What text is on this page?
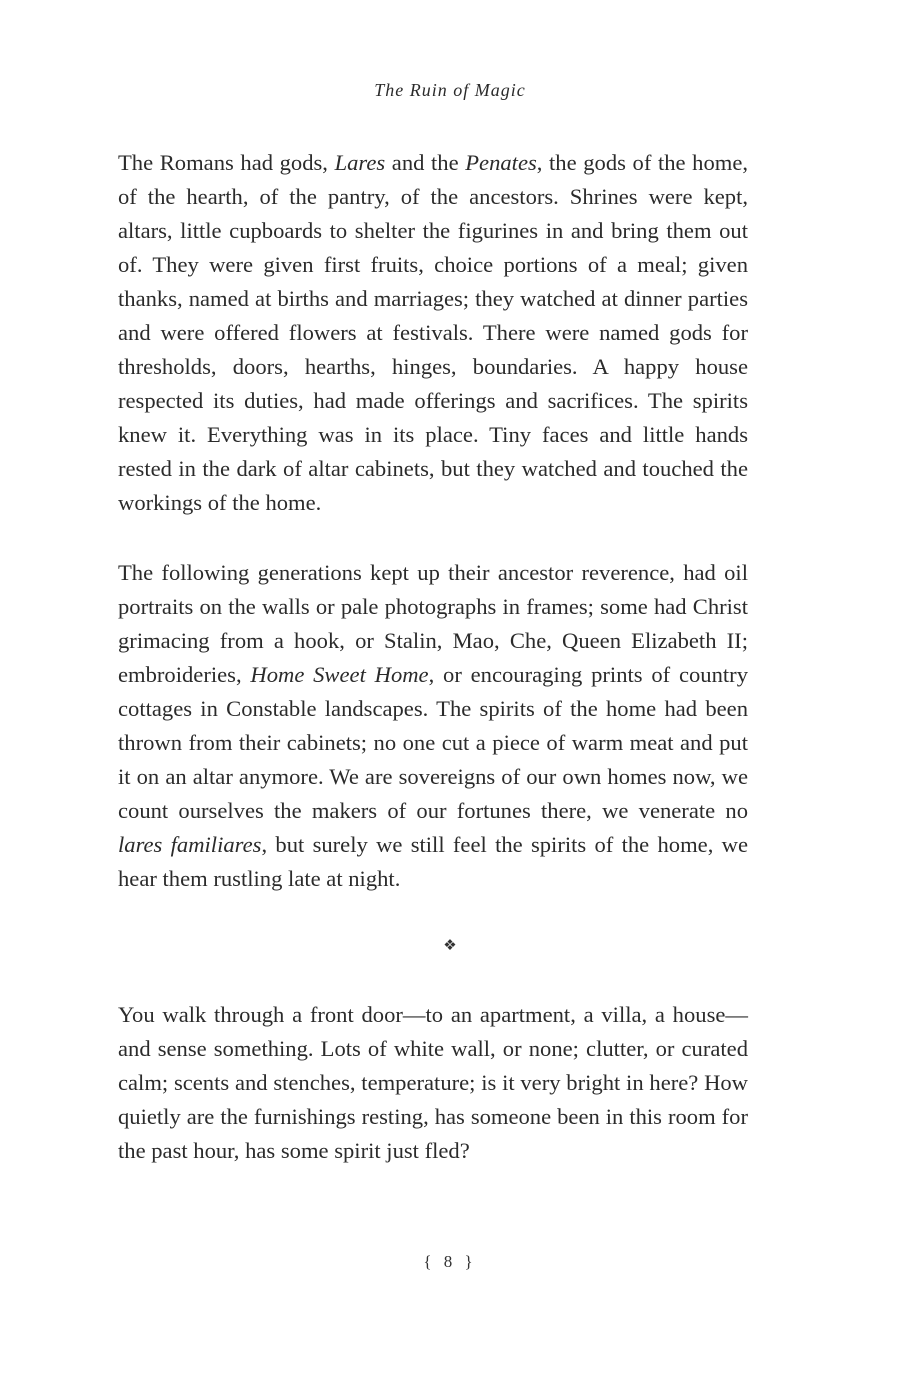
The Ruin of Magic

The Romans had gods, Lares and the Penates, the gods of the home, of the hearth, of the pantry, of the ancestors. Shrines were kept, altars, little cupboards to shelter the figurines in and bring them out of. They were given first fruits, choice portions of a meal; given thanks, named at births and marriages; they watched at dinner parties and were offered flowers at festivals. There were named gods for thresholds, doors, hearths, hinges, boundaries. A happy house respected its duties, had made offerings and sacrifices. The spirits knew it. Everything was in its place. Tiny faces and little hands rested in the dark of altar cabinets, but they watched and touched the workings of the home.

The following generations kept up their ancestor reverence, had oil portraits on the walls or pale photographs in frames; some had Christ grimacing from a hook, or Stalin, Mao, Che, Queen Elizabeth II; embroideries, Home Sweet Home, or encouraging prints of country cottages in Constable landscapes. The spirits of the home had been thrown from their cabinets; no one cut a piece of warm meat and put it on an altar anymore. We are sovereigns of our own homes now, we count ourselves the makers of our fortunes there, we venerate no lares familiares, but surely we still feel the spirits of the home, we hear them rustling late at night.

❖

You walk through a front door—to an apartment, a villa, a house—and sense something. Lots of white wall, or none; clutter, or curated calm; scents and stenches, temperature; is it very bright in here? How quietly are the furnishings resting, has someone been in this room for the past hour, has some spirit just fled?

{ 8 }
